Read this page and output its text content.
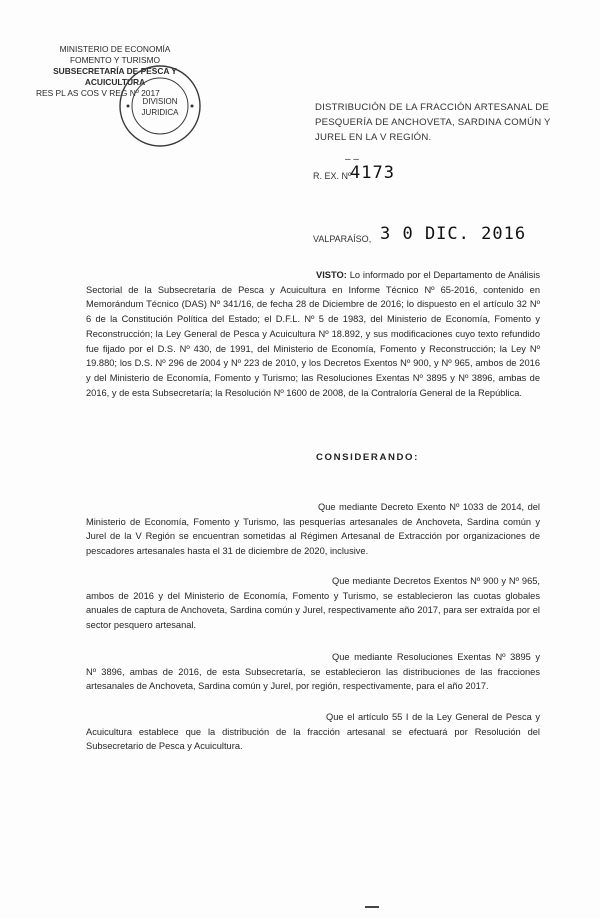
MINISTERIO DE ECONOMÍA
FOMENTO Y TURISMO
SUBSECRETARÍA DE PESCA Y ACUICULTURA
RES PL AS COS V REG Nº 2017
DIVISION
JURIDICA	DISTRIBUCIÓN DE LA FRACCIÓN ARTESANAL DE PESQUERÍA DE ANCHOVETA, SARDINA COMÚN Y JUREL EN LA V REGIÓN.
– –
R. EX. Nº
4173
VALPARAÍSO, 3 0 DIC. 2016
VISTO: Lo informado por el Departamento de Análisis Sectorial de la Subsecretaría de Pesca y Acuicultura en Informe Técnico Nº 65-2016, contenido en Memorándum Técnico (DAS) Nº 341/16, de fecha 28 de Diciembre de 2016; lo dispuesto en el artículo 32 Nº 6 de la Constitución Política del Estado; el D.F.L. Nº 5 de 1983, del Ministerio de Economía, Fomento y Reconstrucción; la Ley General de Pesca y Acuicultura Nº 18.892, y sus modificaciones cuyo texto refundido fue fijado por el D.S. Nº 430, de 1991, del Ministerio de Economía, Fomento y Reconstrucción; la Ley Nº 19.880; los D.S. Nº 296 de 2004 y Nº 223 de 2010, y los Decretos Exentos Nº 900, y Nº 965, ambos de 2016 y del Ministerio de Economía, Fomento y Turismo; las Resoluciones Exentas Nº 3895 y Nº 3896, ambas de 2016, y de esta Subsecretaría; la Resolución Nº 1600 de 2008, de la Contraloría General de la República.
CONSIDERANDO:
Que mediante Decreto Exento Nº 1033 de 2014, del Ministerio de Economía, Fomento y Turismo, las pesquerías artesanales de Anchoveta, Sardina común y Jurel de la V Región se encuentran sometidas al Régimen Artesanal de Extracción por organizaciones de pescadores artesanales hasta el 31 de diciembre de 2020, inclusive.
Que mediante Decretos Exentos Nº 900 y Nº 965, ambos de 2016 y del Ministerio de Economía, Fomento y Turismo, se establecieron las cuotas globales anuales de captura de Anchoveta, Sardina común y Jurel, respectivamente año 2017, para ser extraída por el sector pesquero artesanal.
Que mediante Resoluciones Exentas Nº 3895 y Nº 3896, ambas de 2016, de esta Subsecretaría, se establecieron las distribuciones de las fracciones artesanales de Anchoveta, Sardina común y Jurel, por región, respectivamente, para el año 2017.
Que el artículo 55 I de la Ley General de Pesca y Acuicultura establece que la distribución de la fracción artesanal se efectuará por Resolución del Subsecretario de Pesca y Acuicultura.
